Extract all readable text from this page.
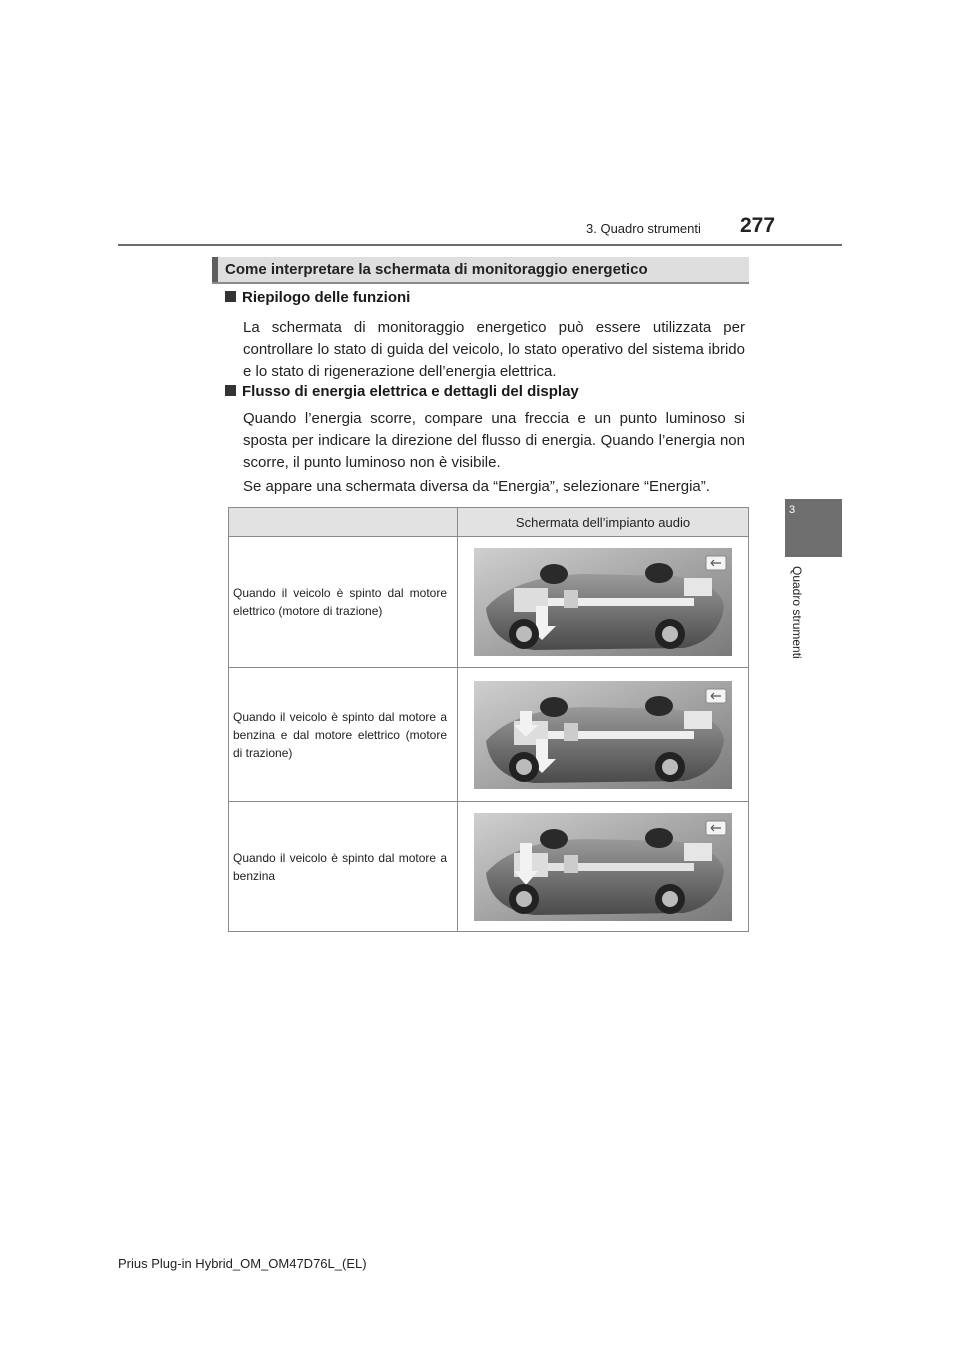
3. Quadro strumenti 277
3
Quadro strumenti
Come interpretare la schermata di monitoraggio energetico
Riepilogo delle funzioni
La schermata di monitoraggio energetico può essere utilizzata per controllare lo stato di guida del veicolo, lo stato operativo del sistema ibrido e lo stato di rigenerazione dell’energia elettrica.
Flusso di energia elettrica e dettagli del display
Quando l’energia scorre, compare una freccia e un punto luminoso si sposta per indicare la direzione del flusso di energia. Quando l’energia non scorre, il punto luminoso non è visibile.
Se appare una schermata diversa da “Energia”, selezionare “Energia”.
	Schermata dell’impianto audio
Quando il veicolo è spinto dal motore elettrico (motore di trazione)	

Quando il veicolo è spinto dal motore a benzina e dal motore elettrico (motore di trazione)	

Quando il veicolo è spinto dal motore a benzina	
Prius Plug-in Hybrid_OM_OM47D76L_(EL)
